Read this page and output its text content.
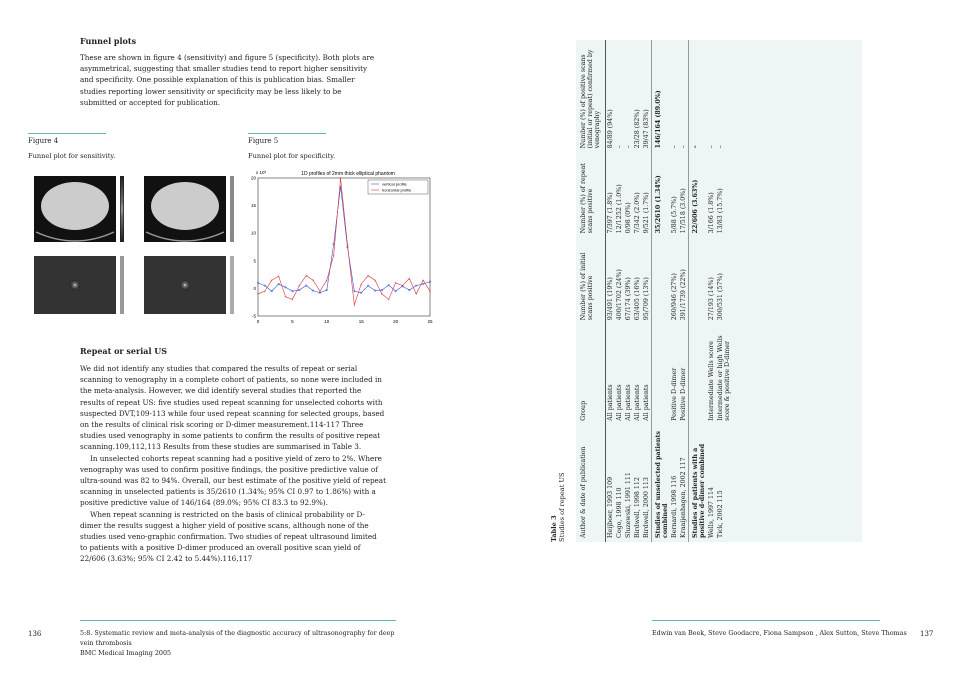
Funnel plots

These are shown in figure 4 (sensitivity) and figure 5 (specificity). Both plots are asymmetrical, suggesting that smaller studies tend to report higher sensitivity and specificity. One possible explanation of this is publication bias. Smaller studies reporting lower sensitivity or specificity may be less likely to be submitted or accepted for publication.

Figure 4
Funnel plot for sensitivity.
Figure 5
Funnel plot for specificity.
1D profiles of 2mm thick elliptical phantom
x 10³
20
15
10
5
0
-5
0	5	10	15	20	25
+
+
+
+
+
+
+
+
+
+
+
+
+
+
+
+
+
+
+
+
+
+
+
+
+
+
vertical profile
horizontal profile
Repeat or serial US

We did not identify any studies that compared the results of repeat or serial scanning to venography in a complete cohort of patients, so none were included in the meta-analysis. However, we did identify several studies that reported the results of repeat US: five studies used repeat scanning for unselected cohorts with suspected DVT,109-113 while four used repeat scanning for selected groups, based on the results of clinical risk scoring or D-dimer measurement.114-117 Three studies used venography in some patients to confirm the results of positive repeat scanning.109,112,113 Results from these studies are summarised in Table 3.

In unselected cohorts repeat scanning had a positive yield of zero to 2%. Where venography was used to confirm positive findings, the positive predictive value of ultra-sound was 82 to 94%. Overall, our best estimate of the positive yield of repeat scanning in unselected patients is 35/2610 (1.34%; 95% CI 0.97 to 1.86%) with a positive predictive value of 146/164 (89.0%; 95% CI 83.3 to 92.9%).

When repeat scanning is restricted on the basis of clinical probability or D-dimer the results suggest a higher yield of positive scans, although none of the studies used veno-graphic confirmation. Two studies of repeat ultrasound limited to patients with a positive D-dimer produced an overall positive scan yield of 22/606 (3.63%; 95% CI 2.42 to 5.44%).116,117

136	5:8. Systematic review and meta-analysis of the diagnostic accuracy of ultrasonography for deep vein thrombosis
BMC Medical Imaging 2005
Table 3 Studies of repeat US Author & date of publication	Group	Number (%) of initial scans positive	Number (%) of repeat scans positive	Number (%) of positive scans (initial or repeat) confirmed by venography
Heijboer, 1993 109	All patients	93/491 (19%)	7/397 (1.8%)	84/89 (94%)
Cogo, 1998 110	All patients	400/1702 (24%)	12/1252 (1.0%)	–
Sluzewski, 1991 111	All patients	67/174 (39%)	0/98 (0%)	–
Birdwell, 1998 112	All patients	63/405 (16%)	7/342 (2.0%)	23/28 (82%)
Birdwell, 2000 113	All patients	95/709 (13%)	9/521 (1.7%)	39/47 (83%)
Studies of unselected patients combined			35/2610 (1.34%)	146/164 (89.0%)
Bernardi, 1998 116	Positive D-dimer	260/946 (27%)	5/88 (5.7%)	–
Kraaijenhagen, 2002 117	Positive D-dimer	391/1739 (22%)	17/518 (3.0%)	–
Studies of patients with a positive d-dimer combined			22/606 (3.63%)	–
Wells, 1997 114	Intermediate Wells score	27/193 (14%)	3/166 (1.8%)	–
Tick, 2002 115	Intermediate or high Wells score & positive D-dimer	300/531 (57%)	13/83 (15.7%)	–
Edwin van Beek, Steve Goodacre, Fiona Sampson , Alex Sutton, Steve Thomas 137
